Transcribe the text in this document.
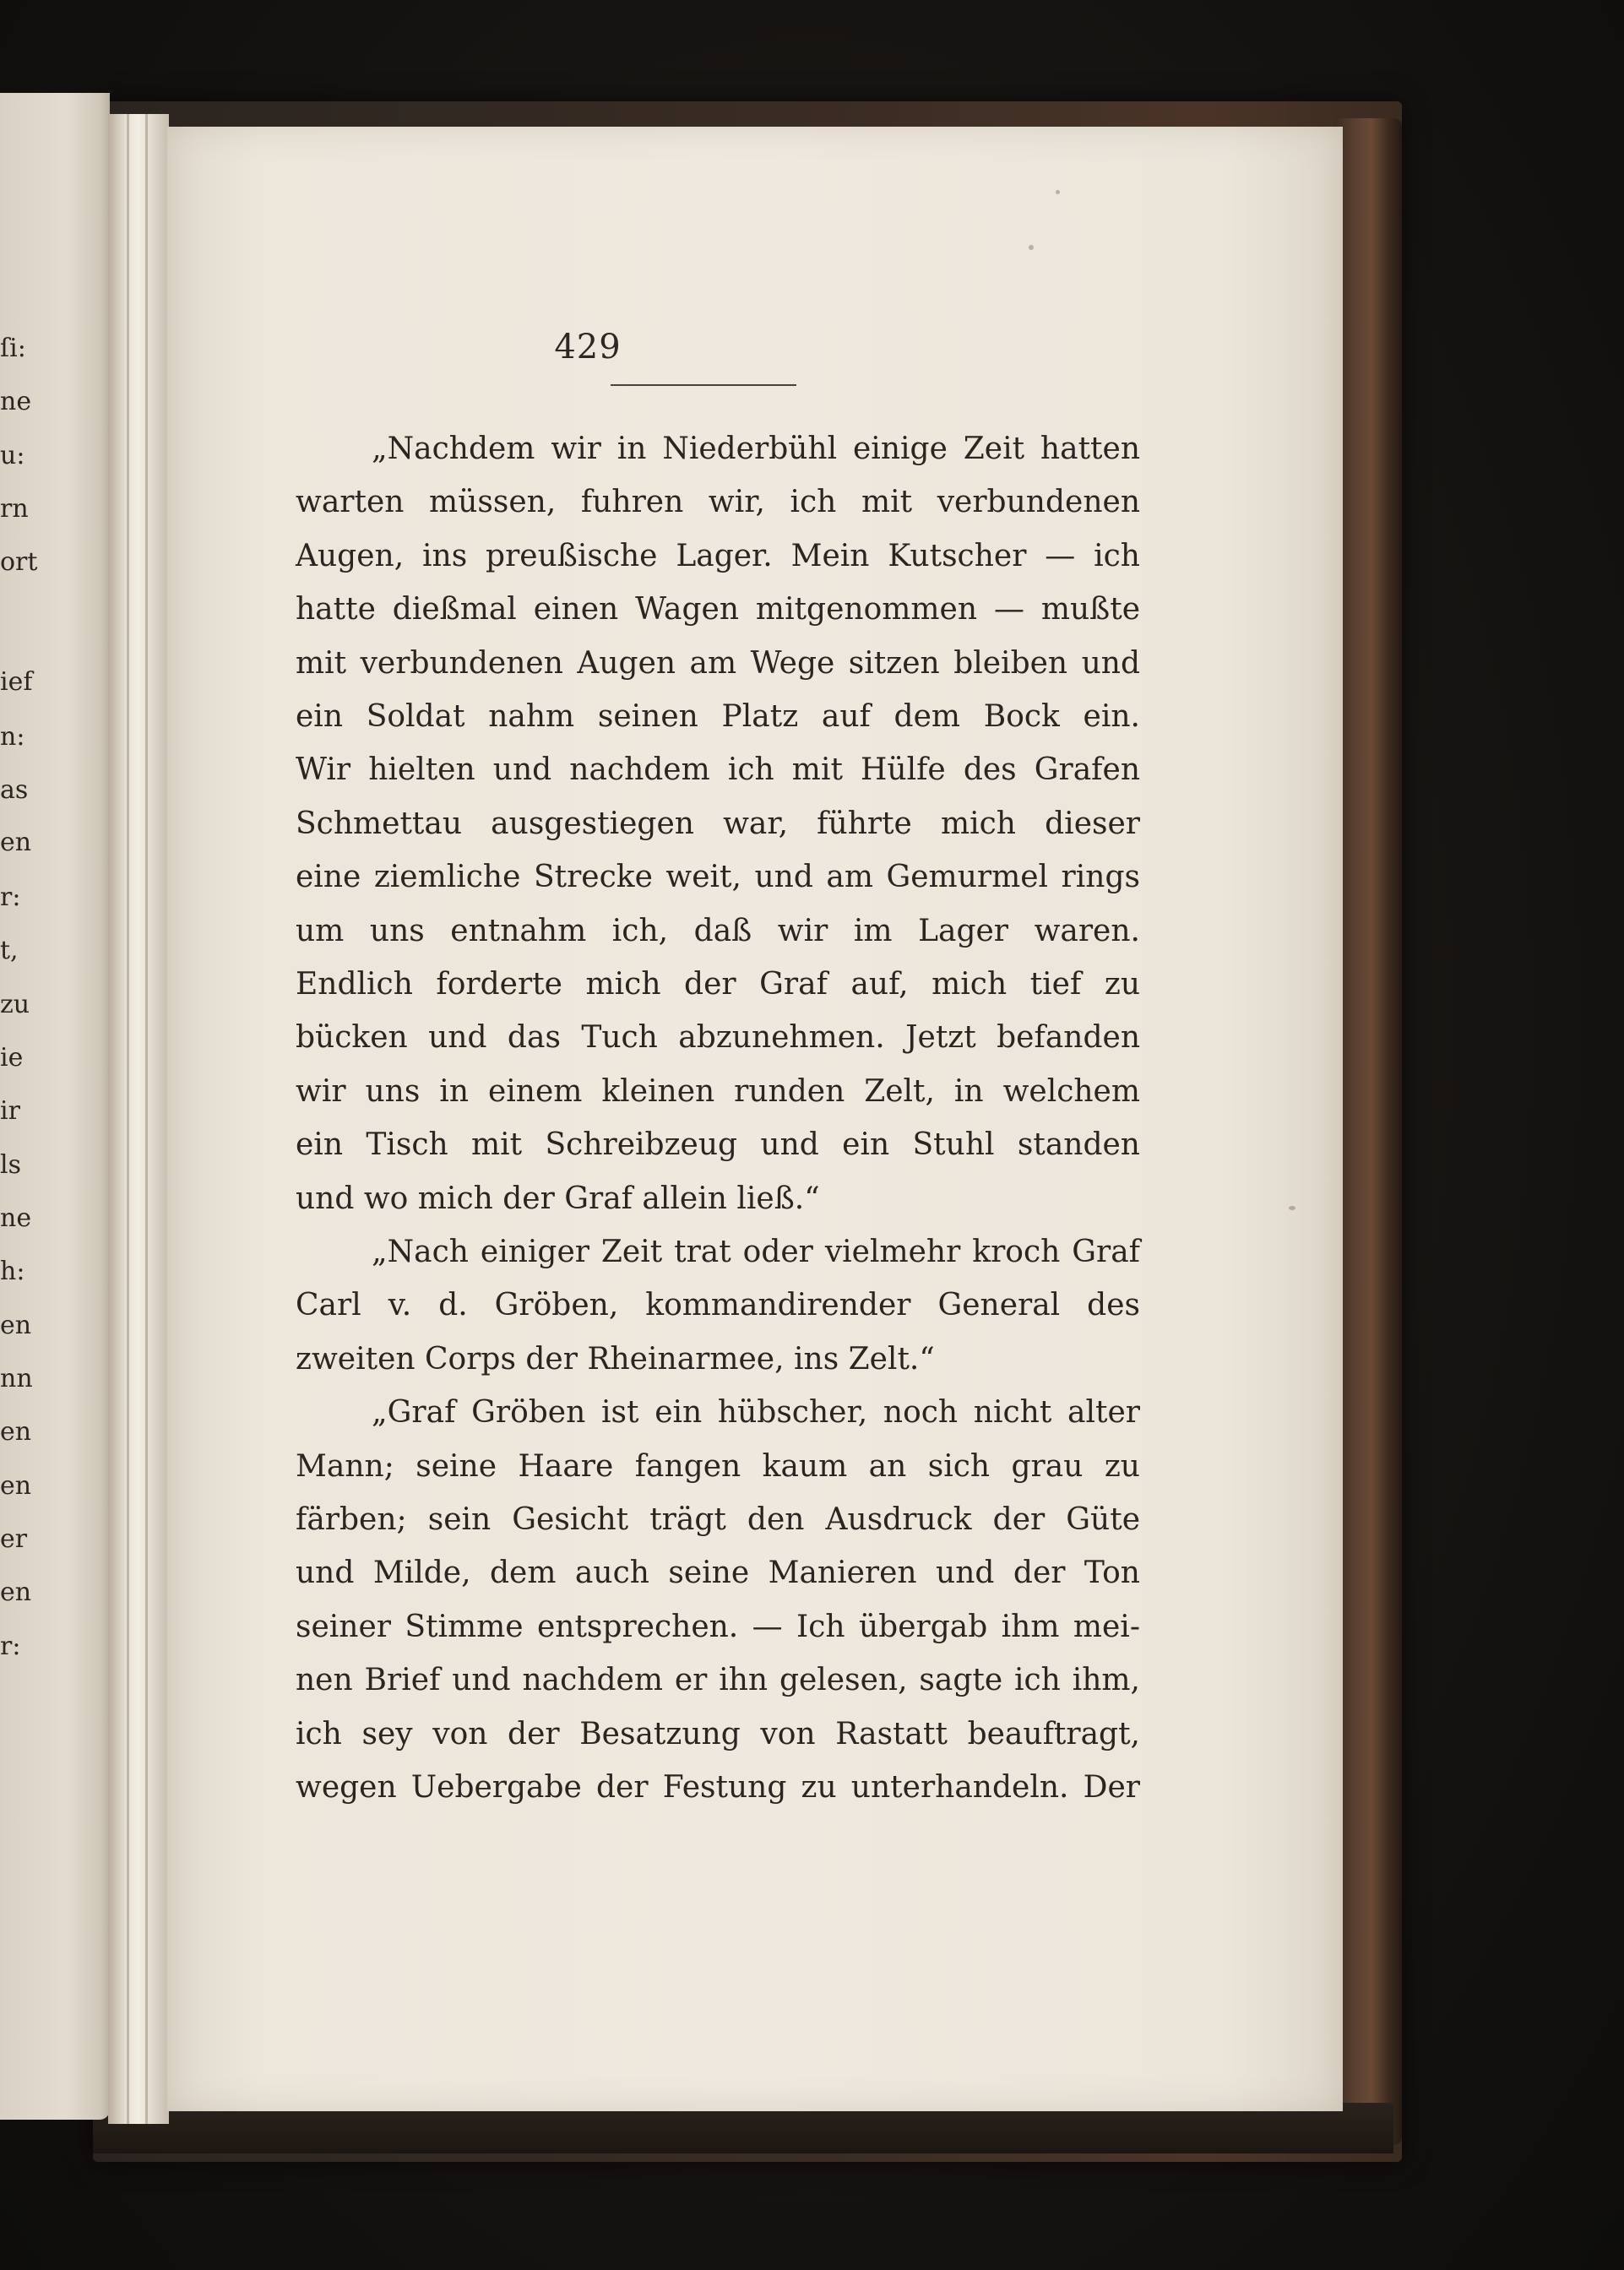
ſi:
ne
u:
rn
ort
ief
n:
as
en
r:
t,
zu
ie
ir
ls
ne
h:
en
nn
en
en
er
en
r:
429
„Nachdem wir in Niederbühl einige Zeit hatten
warten müssen, fuhren wir, ich mit verbundenen
Augen, ins preußische Lager. Mein Kutscher — ich
hatte dießmal einen Wagen mitgenommen — mußte
mit verbundenen Augen am Wege sitzen bleiben und
ein Soldat nahm seinen Platz auf dem Bock ein.
Wir hielten und nachdem ich mit Hülfe des Grafen
Schmettau ausgestiegen war, führte mich dieser
eine ziemliche Strecke weit, und am Gemurmel rings
um uns entnahm ich, daß wir im Lager waren.
Endlich forderte mich der Graf auf, mich tief zu
bücken und das Tuch abzunehmen. Jetzt befanden
wir uns in einem kleinen runden Zelt, in welchem
ein Tisch mit Schreibzeug und ein Stuhl standen
und wo mich der Graf allein ließ.“
„Nach einiger Zeit trat oder vielmehr kroch Graf
Carl v. d. Gröben, kommandirender General des
zweiten Corps der Rheinarmee, ins Zelt.“
„Graf Gröben ist ein hübscher, noch nicht alter
Mann; seine Haare fangen kaum an sich grau zu
färben; sein Gesicht trägt den Ausdruck der Güte
und Milde, dem auch seine Manieren und der Ton
seiner Stimme entsprechen. — Ich übergab ihm mei-
nen Brief und nachdem er ihn gelesen, sagte ich ihm,
ich sey von der Besatzung von Rastatt beauftragt,
wegen Uebergabe der Festung zu unterhandeln. Der
